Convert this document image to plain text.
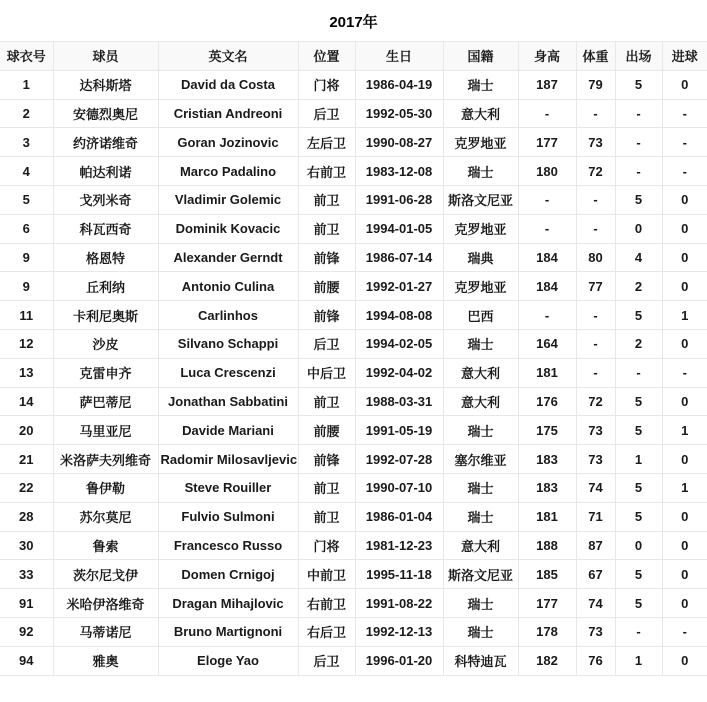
2017年
球衣号	球员	英文名	位置	生日	国籍	身高	体重	出场	进球
1	达科斯塔	David da Costa	门将	1986-04-19	瑞士	187	79	5	0
2	安德烈奥尼	Cristian Andreoni	后卫	1992-05-30	意大利	-	-	-	-
3	约济诺维奇	Goran Jozinovic	左后卫	1990-08-27	克罗地亚	177	73	-	-
4	帕达利诺	Marco Padalino	右前卫	1983-12-08	瑞士	180	72	-	-
5	戈列米奇	Vladimir Golemic	前卫	1991-06-28	斯洛文尼亚	-	-	5	0
6	科瓦西奇	Dominik Kovacic	前卫	1994-01-05	克罗地亚	-	-	0	0
9	格恩特	Alexander Gerndt	前锋	1986-07-14	瑞典	184	80	4	0
9	丘利纳	Antonio Culina	前腰	1992-01-27	克罗地亚	184	77	2	0
11	卡利尼奥斯	Carlinhos	前锋	1994-08-08	巴西	-	-	5	1
12	沙皮	Silvano Schappi	后卫	1994-02-05	瑞士	164	-	2	0
13	克雷申齐	Luca Crescenzi	中后卫	1992-04-02	意大利	181	-	-	-
14	萨巴蒂尼	Jonathan Sabbatini	前卫	1988-03-31	意大利	176	72	5	0
20	马里亚尼	Davide Mariani	前腰	1991-05-19	瑞士	175	73	5	1
21	米洛萨夫列维奇	Radomir Milosavljevic	前锋	1992-07-28	塞尔维亚	183	73	1	0
22	鲁伊勒	Steve Rouiller	前卫	1990-07-10	瑞士	183	74	5	1
28	苏尔莫尼	Fulvio Sulmoni	前卫	1986-01-04	瑞士	181	71	5	0
30	鲁索	Francesco Russo	门将	1981-12-23	意大利	188	87	0	0
33	茨尔尼戈伊	Domen Crnigoj	中前卫	1995-11-18	斯洛文尼亚	185	67	5	0
91	米哈伊洛维奇	Dragan Mihajlovic	右前卫	1991-08-22	瑞士	177	74	5	0
92	马蒂诺尼	Bruno Martignoni	右后卫	1992-12-13	瑞士	178	73	-	-
94	雅奥	Eloge Yao	后卫	1996-01-20	科特迪瓦	182	76	1	0
